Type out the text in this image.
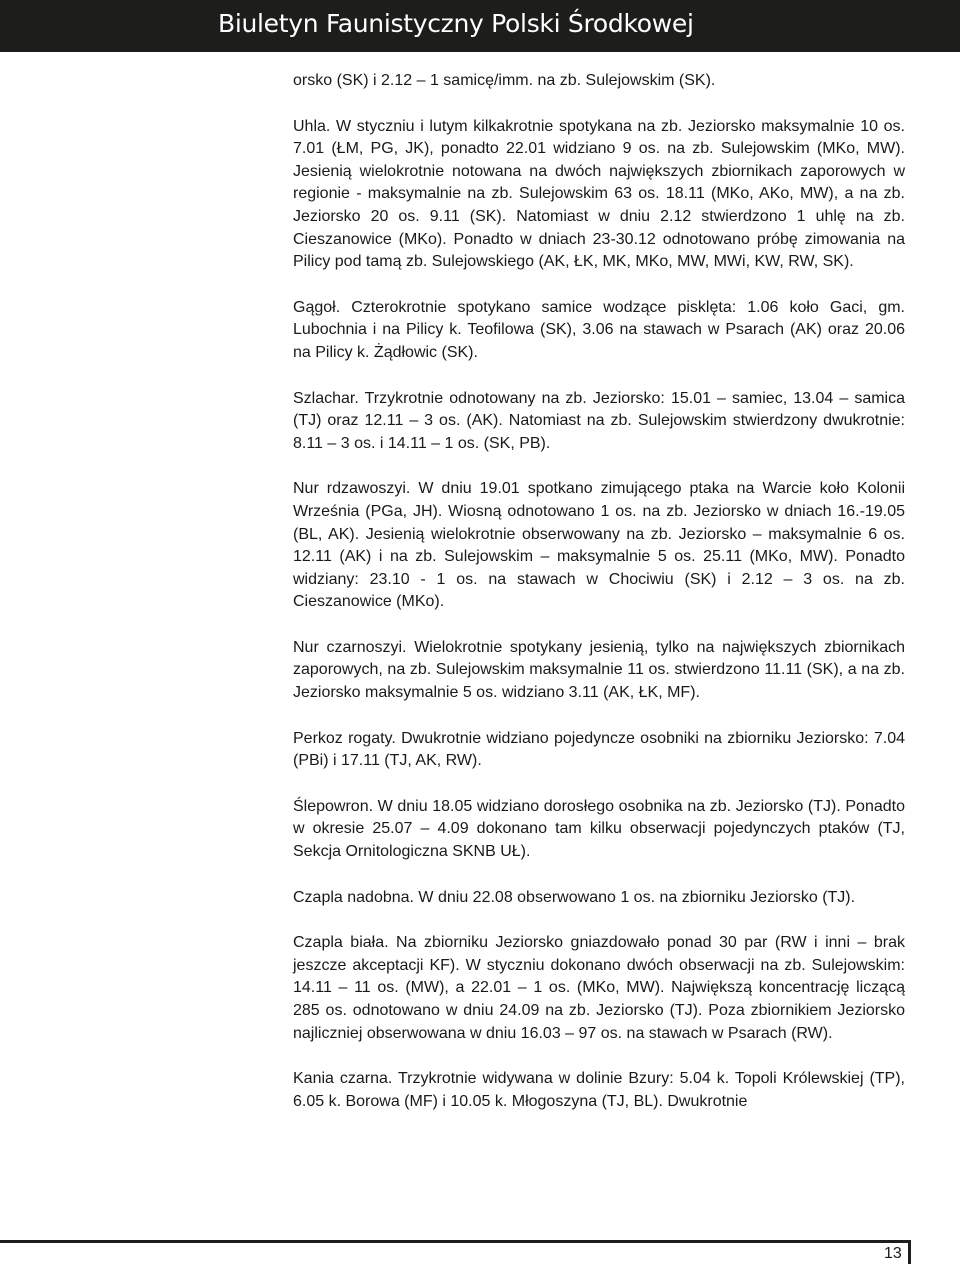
Biuletyn Faunistyczny Polski Środkowej

orsko (SK) i 2.12 – 1 samicę/imm. na zb. Sulejowskim (SK).

Uhla. W styczniu i lutym kilkakrotnie spotykana na zb. Jeziorsko maksymalnie 10 os. 7.01 (ŁM, PG, JK), ponadto 22.01 widziano 9 os. na zb. Sulejowskim (MKo, MW). Jesienią wielokrotnie notowana na dwóch największych zbiornikach zaporowych w regionie - maksymalnie na zb. Sulejowskim 63 os. 18.11 (MKo, AKo, MW), a na zb. Jeziorsko 20 os. 9.11 (SK). Natomiast w dniu 2.12 stwierdzono 1 uhlę na zb. Cieszanowice (MKo). Ponadto w dniach 23-30.12 odnotowano próbę zimowania na Pilicy pod tamą zb. Sulejowskiego (AK, ŁK, MK, MKo, MW, MWi, KW, RW, SK).

Gągoł. Czterokrotnie spotykano samice wodzące pisklęta: 1.06 koło Gaci, gm. Lubochnia i na Pilicy k. Teofilowa (SK), 3.06 na stawach w Psarach (AK) oraz 20.06 na Pilicy k. Żądłowic (SK).

Szlachar. Trzykrotnie odnotowany na zb. Jeziorsko: 15.01 – samiec, 13.04 – samica (TJ) oraz 12.11 – 3 os. (AK). Natomiast na zb. Sulejowskim stwierdzony dwukrotnie: 8.11 – 3 os. i 14.11 – 1 os. (SK, PB).

Nur rdzawoszyi. W dniu 19.01 spotkano zimującego ptaka na Warcie koło Kolonii Września (PGa, JH). Wiosną odnotowano 1 os. na zb. Jeziorsko w dniach 16.-19.05 (BL, AK). Jesienią wielokrotnie obserwowany na zb. Jeziorsko – maksymalnie 6 os. 12.11 (AK) i na zb. Sulejowskim – maksymalnie 5 os. 25.11 (MKo, MW). Ponadto widziany: 23.10 - 1 os. na stawach w Chociwiu (SK) i 2.12 – 3 os. na zb. Cieszanowice (MKo).

Nur czarnoszyi. Wielokrotnie spotykany jesienią, tylko na największych zbiornikach zaporowych, na zb. Sulejowskim maksymalnie 11 os. stwierdzono 11.11 (SK), a na zb. Jeziorsko maksymalnie 5 os. widziano 3.11 (AK, ŁK, MF).

Perkoz rogaty. Dwukrotnie widziano pojedyncze osobniki na zbiorniku Jeziorsko: 7.04 (PBi) i 17.11 (TJ, AK, RW).

Ślepowron. W dniu 18.05 widziano dorosłego osobnika na zb. Jeziorsko (TJ). Ponadto w okresie 25.07 – 4.09 dokonano tam kilku obserwacji pojedynczych ptaków (TJ, Sekcja Ornitologiczna SKNB UŁ).

Czapla nadobna. W dniu 22.08 obserwowano 1 os. na zbiorniku Jeziorsko (TJ).

Czapla biała. Na zbiorniku Jeziorsko gniazdowało ponad 30 par (RW i inni – brak jeszcze akceptacji KF). W styczniu dokonano dwóch obserwacji na zb. Sulejowskim: 14.11 – 11 os. (MW), a 22.01 – 1 os. (MKo, MW). Największą koncentrację liczącą 285 os. odnotowano w dniu 24.09 na zb. Jeziorsko (TJ). Poza zbiornikiem Jeziorsko najliczniej obserwowana w dniu 16.03 – 97 os. na stawach w Psarach (RW).

Kania czarna. Trzykrotnie widywana w dolinie Bzury: 5.04 k. Topoli Królewskiej (TP), 6.05 k. Borowa (MF) i 10.05 k. Młogoszyna (TJ, BL). Dwukrotnie

13
